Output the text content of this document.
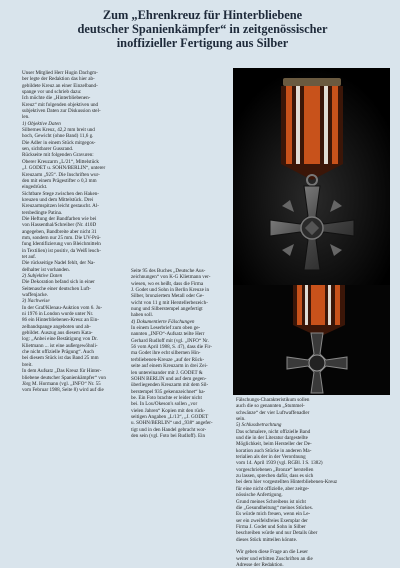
Zum „Ehrenkreuz für Hinterbliebene
deutscher Spanienkämpfer“ in zeitgenössischer
inoffizieller Fertigung aus Silber

Unser Mitglied Herr Hugin Dachgm-

ber legte der Redaktion das hier ab-

gebildete Kreuz an einer Einzelband-

spange vor und schrieb dazu:

Ich möchte die „Hinterbliebenen-

Kreuz“ mit folgenden objektiven und

subjektiven Daten zur Diskussion stel-

len.

1) Objektive Daten

Silbernes Kreuz, 42,2 mm breit und

hoch, Gewicht (ohne Band) 11,6 g.

Die Adler in einem Stück mitgegos-

sen, sichtbarer Gussrand.

Rückseite mit folgenden Gravuren:

Oberer Kreuzarm „L/21“, Mittelstück

„J. GODET u. SOHN/BERLIN“, unterer

Kreuzarm „925“. Die Inschriften wur-

den mit einem Prägestifter o 0,3 mm

eingedrückt.

Sichtbare Stege zwischen den Haken-

kreuzen und dem Mittelstück. Drei

Kreuzarmspitzen leicht gestaucht. Al-

tersbedingte Patina.

Die Heftung der Bandfarben wie bei

von Hassenthal/Schreiber (Nr. 410D

angegeben, Bandbreite aber nicht 31

mm, sondern nur 25 mm. Die UV-Prü-

fung Identifizierung von Bleichmitteln

in Textilien) ist positiv, da Weiß leuch-

tet auf.

Die rückseitige Nadel fehlt, der Na-

delhalter ist vorhanden.

2) Subjektive Daten

Die Dekoration befand sich in einer

Seitenasche einer deutschen Luft-

waffenjacke.

3) Nachweise

In der Graf/Klenau-Auktion vom 6. Ju-

ni 1976 in London wurde unter Nr.

86 ein Hinterbliebenen-Kreuz an Ein-

zelbandspange angeboten und ab-

gebildet. Auszug aus diesem Kata-

log: „Anbei eine Bestätigung von Dr.

Klietmann ... ist eine außergewöhnli-

che nicht offizielle Prägung“. Auch

bei diesem Stück ist das Band 25 mm

breit.

In dem Aufsatz „Das Kreuz für Hinter-

bliebene deutscher Spanienkämpfer“ von

Jörg M. Hormann (vgl. „INFO“ Nr. 55

vom Februar 1988, Seite 8) wird auf die

Seite 95 des Buches „Deutsche Aus-

zeichnungen“ von K-G Klietmann ver-

wiesen, wo es heißt, dass die Firma

J. Godet und Sohn in Berlin Kreuze in

Silber, bronziertem Metall oder Ge-

wicht von 11 g mit Herstellerbezeich-

nung und Silberstempel angefertigt

haben soll.

4) Dokumentierte Fälschungen

In einem Leserbrief zum oben ge-

nannten „INFO“-Aufsatz teilte Herr

Gerhard Rudloff mit (vgl. „INFO“ Nr.

56 vom April 1988, S. 47), dass die Fir-

ma Godet ihre echt silbernen Hin-

terbliebenen-Kreuze „auf der Rück-

seite auf einem Kreuzarm in drei Zei-

len untereinander mit J. GODET &

SOHN BERLIN und auf dem gegen-

überliegenden Kreuzarm mit dem Sil-

berstempel 935 gekennzeichnet“ ha-

be. Ein Foto brachte er leider nicht

bei. In Lou/Okeson's sollen „vor

vielen Jahren“ Kopien mit den rück-

seitigen Angaben „L/13“, „J. GODET

u. SOHN/BERLIN“ und „938“ angefer-

tigt und in den Handel gebracht wor-

den sein (vgl. Foto bei Rudloff). Ein

Fälschungs-Charakteristikum sollen

auch die so genannten „Stummel-

schwänze“ der vier Luftwaffenadler

sein.

5) Schlussbetrachtung

Das schmalere, nicht offizielle Band

und die in der Literatur dargestellte

Möglichkeit, beim Hersteller der De-

koration auch Stücke in anderen Ma-

terialien als der in der Verordnung

vom 14. April 1939 (vgl. RGBl. I S. 1382)

vorgeschriebenen „Bronze“ herstellen

zu lassen, sprechen dafür, dass es sich

bei dem hier vorgestellten Hinterbliebenen-Kreuz

für eine nicht offizielle, aber zeitge-

nössische Anfertigung.

Grund meines Schreibens ist nicht

die „Gesundheitung“ meines Stückes.

Es würde mich freuen, wenn ein Le-

ser ein zweifelsfreies Exemplar der

Firma J. Godet und Sohn in Silber

beschreiben würde und nur Details über

dieses Stück mitteilen könnte.

Wir geben diese Frage an die Leser

weiter und erbitten Zuschriften an die

Adresse der Redaktion.
